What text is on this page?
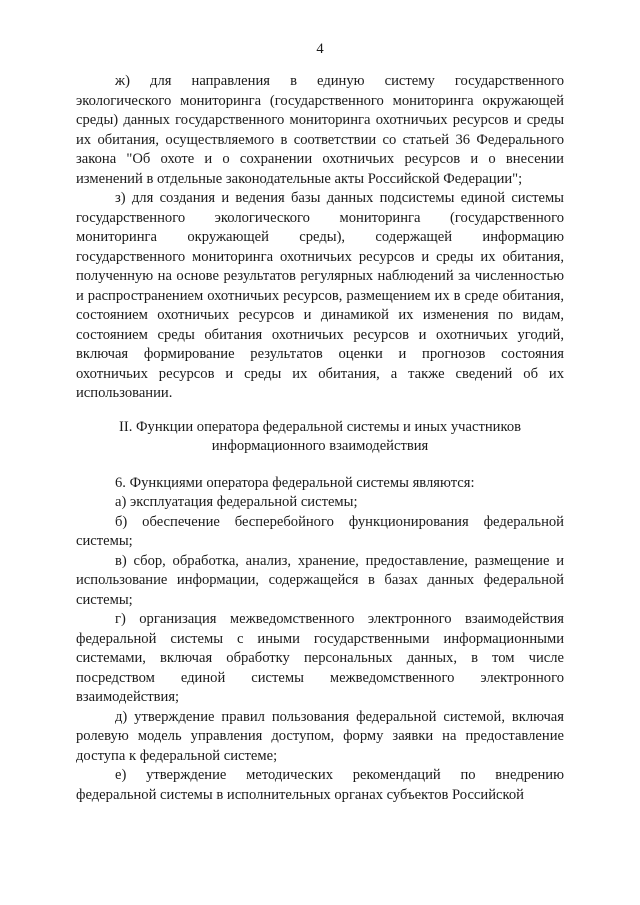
4

ж) для направления в единую систему государственного экологического мониторинга (государственного мониторинга окружающей среды) данных государственного мониторинга охотничьих ресурсов и среды их обитания, осуществляемого в соответствии со статьей 36 Федерального закона "Об охоте и о сохранении охотничьих ресурсов и о внесении изменений в отдельные законодательные акты Российской Федерации";

з) для создания и ведения базы данных подсистемы единой системы государственного экологического мониторинга (государственного мониторинга окружающей среды), содержащей информацию государственного мониторинга охотничьих ресурсов и среды их обитания, полученную на основе результатов регулярных наблюдений за численностью и распространением охотничьих ресурсов, размещением их в среде обитания, состоянием охотничьих ресурсов и динамикой их изменения по видам, состоянием среды обитания охотничьих ресурсов и охотничьих угодий, включая формирование результатов оценки и прогнозов состояния охотничьих ресурсов и среды их обитания, а также сведений об их использовании.

II. Функции оператора федеральной системы и иных участников информационного взаимодействия

6. Функциями оператора федеральной системы являются:

а) эксплуатация федеральной системы;

б) обеспечение бесперебойного функционирования федеральной системы;

в) сбор, обработка, анализ, хранение, предоставление, размещение и использование информации, содержащейся в базах данных федеральной системы;

г) организация межведомственного электронного взаимодействия федеральной системы с иными государственными информационными системами, включая обработку персональных данных, в том числе посредством единой системы межведомственного электронного взаимодействия;

д) утверждение правил пользования федеральной системой, включая ролевую модель управления доступом, форму заявки на предоставление доступа к федеральной системе;

е) утверждение методических рекомендаций по внедрению федеральной системы в исполнительных органах субъектов Российской
